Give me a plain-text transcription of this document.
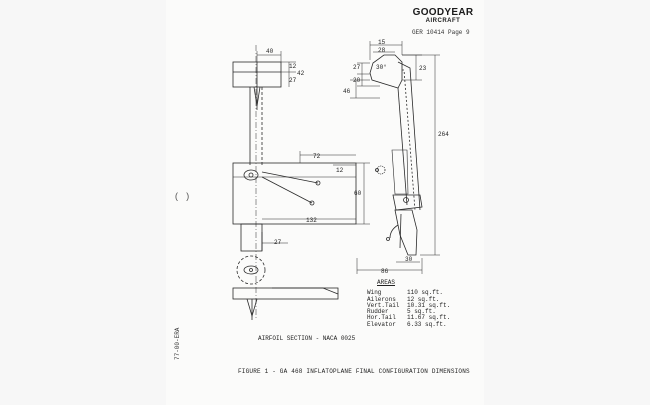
GOODYEAR
AIRCRAFT
GER 10414 Page 9
( )
40
12
42
27
72
12
60
132
27
15
28
27
20
30°	23
46
264
30
86
AREAS
Wing	110 sq.ft.
Ailerons	12 sq.ft.
Vert.Tail	10.31 sq.ft.
Rudder	5 sq.ft.
Hor.Tail	11.67 sq.ft.
Elevator	6.33 sq.ft.
AIRFOIL SECTION - NACA 0025
FIGURE 1 - GA 468 INFLATOPLANE FINAL CONFIGURATION DIMENSIONS
77-00-ERA
